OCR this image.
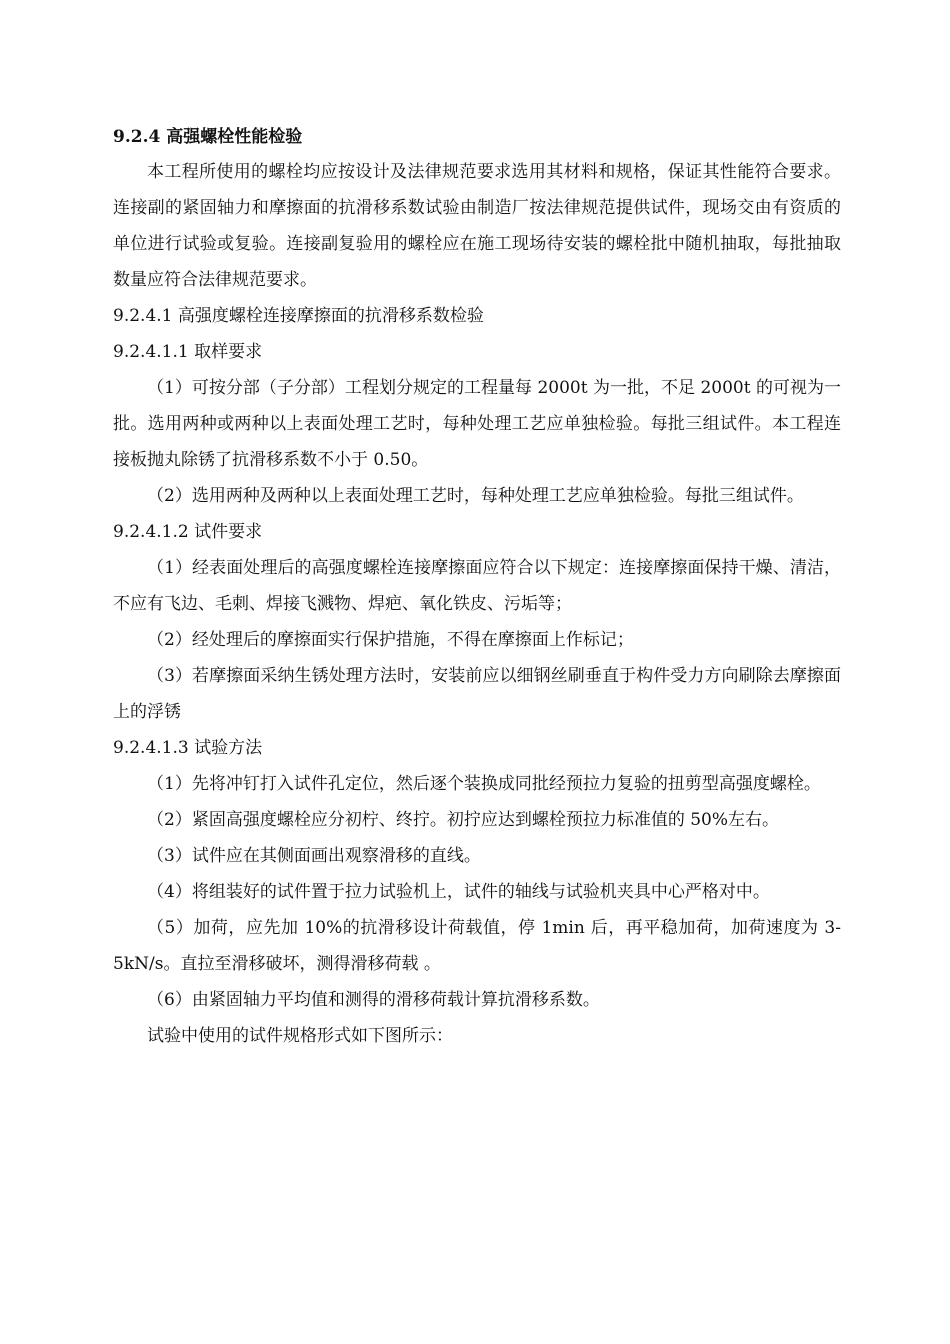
9.2.4 高强螺栓性能检验

本工程所使用的螺栓均应按设计及法律规范要求选用其材料和规格，保证其性能符合要求。连接副的紧固轴力和摩擦面的抗滑移系数试验由制造厂按法律规范提供试件，现场交由有资质的单位进行试验或复验。连接副复验用的螺栓应在施工现场待安装的螺栓批中随机抽取，每批抽取数量应符合法律规范要求。

9.2.4.1 高强度螺栓连接摩擦面的抗滑移系数检验

9.2.4.1.1 取样要求

（1）可按分部（子分部）工程划分规定的工程量每 2000t 为一批，不足 2000t 的可视为一批。选用两种或两种以上表面处理工艺时，每种处理工艺应单独检验。每批三组试件。本工程连接板抛丸除锈了抗滑移系数不小于 0.50。

（2）选用两种及两种以上表面处理工艺时，每种处理工艺应单独检验。每批三组试件。

9.2.4.1.2 试件要求

（1）经表面处理后的高强度螺栓连接摩擦面应符合以下规定：连接摩擦面保持干燥、清洁，不应有飞边、毛刺、焊接飞溅物、焊疤、氧化铁皮、污垢等；

（2）经处理后的摩擦面实行保护措施，不得在摩擦面上作标记；

（3）若摩擦面采纳生锈处理方法时，安装前应以细钢丝刷垂直于构件受力方向刷除去摩擦面上的浮锈

9.2.4.1.3 试验方法

（1）先将冲钉打入试件孔定位，然后逐个装换成同批经预拉力复验的扭剪型高强度螺栓。

（2）紧固高强度螺栓应分初柠、终拧。初拧应达到螺栓预拉力标准值的 50%左右。

（3）试件应在其侧面画出观察滑移的直线。

（4）将组装好的试件置于拉力试验机上，试件的轴线与试验机夹具中心严格对中。

（5）加荷，应先加 10%的抗滑移设计荷载值，停 1min 后，再平稳加荷，加荷速度为 3-5kN/s。直拉至滑移破坏，测得滑移荷载 。

（6）由紧固轴力平均值和测得的滑移荷载计算抗滑移系数。

试验中使用的试件规格形式如下图所示：
